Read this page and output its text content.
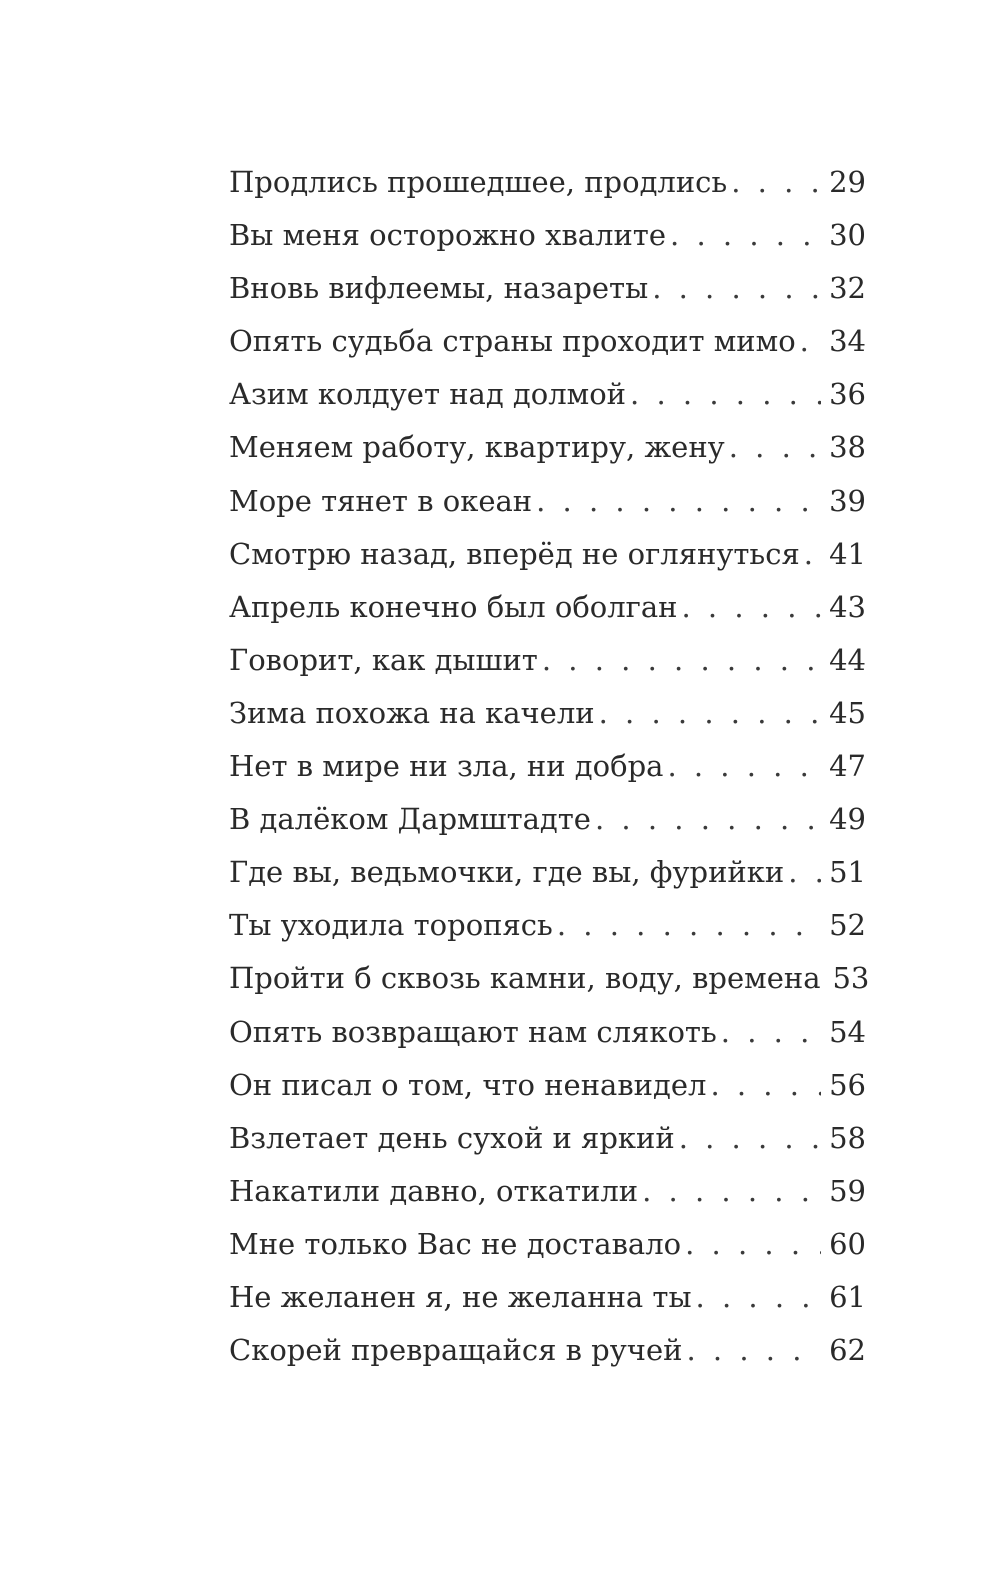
Продлись прошедшее, продлись . . .	29
Вы меня осторожно хвалите . . .	30
Вновь вифлеемы, назареты . . .	32
Опять судьба страны проходит мимо . . . 34
Азим колдует над долмой . . .	36
Меняем работу, квартиру, жену . . .	38
Море тянет в океан . . .	39
Смотрю назад, вперёд не оглянуться . . . 41
Апрель конечно был оболган . . .	43
Говорит, как дышит . . .	44
Зима похожа на качели . . .	45
Нет в мире ни зла, ни добра . . .	47
В далёком Дармштадте . . .	49
Где вы, ведьмочки, где вы, фурийки . . . 51
Ты уходила торопясь . . .	52
Пройти б сквозь камни, воду, времена 53
Опять возвращают нам слякоть . . .	54
Он писал о том, что ненавидел . . .	56
Взлетает день сухой и яркий . . .	58
Накатили давно, откатили . . .	59
Мне только Вас не доставало . . .	60
Не желанен я, не желанна ты . . .	61
Скорей превращайся в ручей . . .	62
